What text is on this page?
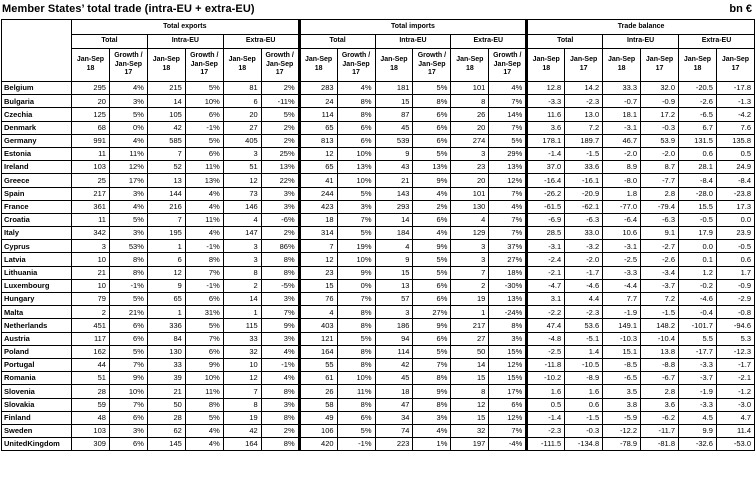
Member States’ total trade (intra-EU + extra-EU)	bn €
	Total exports						Total imports						Trade balance					
	Total		Intra-EU		Extra-EU		Total		Intra-EU		Extra-EU		Total		Intra-EU		Extra-EU	
	Jan-Sep 18	Growth / Jan-Sep 17	Jan-Sep 18	Growth / Jan-Sep 17	Jan-Sep 18	Growth / Jan-Sep 17	Jan-Sep 18	Growth / Jan-Sep 17	Jan-Sep 18	Growth / Jan-Sep 17	Jan-Sep 18	Growth / Jan-Sep 17	Jan-Sep 18	Jan-Sep 17	Jan-Sep 18	Jan-Sep 17	Jan-Sep 18	Jan-Sep 17
Belgium	295	4%	215	5%	81	2%	283	4%	181	5%	101	4%	12.8	14.2	33.3	32.0	-20.5	-17.8
Bulgaria	20	3%	14	10%	6	-11%	24	8%	15	8%	8	7%	-3.3	-2.3	-0.7	-0.9	-2.6	-1.3
Czechia	125	5%	105	6%	20	5%	114	8%	87	6%	26	14%	11.6	13.0	18.1	17.2	-6.5	-4.2
Denmark	68	0%	42	-1%	27	2%	65	6%	45	6%	20	7%	3.6	7.2	-3.1	-0.3	6.7	7.6
Germany	991	4%	585	5%	405	2%	813	6%	539	6%	274	5%	178.1	189.7	46.7	53.9	131.5	135.8
Estonia	11	11%	7	6%	3	25%	12	10%	9	5%	3	29%	-1.4	-1.5	-2.0	-2.0	0.6	0.5
Ireland	103	12%	52	11%	51	13%	65	13%	43	13%	23	13%	37.0	33.6	8.9	8.7	28.1	24.9
Greece	25	17%	13	13%	12	22%	41	10%	21	9%	20	12%	-16.4	-16.1	-8.0	-7.7	-8.4	-8.4
Spain	217	3%	144	4%	73	3%	244	5%	143	4%	101	7%	-26.2	-20.9	1.8	2.8	-28.0	-23.8
France	361	4%	216	4%	146	3%	423	3%	293	2%	130	4%	-61.5	-62.1	-77.0	-79.4	15.5	17.3
Croatia	11	5%	7	11%	4	-6%	18	7%	14	6%	4	7%	-6.9	-6.3	-6.4	-6.3	-0.5	0.0
Italy	342	3%	195	4%	147	2%	314	5%	184	4%	129	7%	28.5	33.0	10.6	9.1	17.9	23.9
Cyprus	3	53%	1	-1%	3	86%	7	19%	4	9%	3	37%	-3.1	-3.2	-3.1	-2.7	0.0	-0.5
Latvia	10	8%	6	8%	3	8%	12	10%	9	5%	3	27%	-2.4	-2.0	-2.5	-2.6	0.1	0.6
Lithuania	21	8%	12	7%	8	8%	23	9%	15	5%	7	18%	-2.1	-1.7	-3.3	-3.4	1.2	1.7
Luxembourg	10	-1%	9	-1%	2	-5%	15	0%	13	6%	2	-30%	-4.7	-4.6	-4.4	-3.7	-0.2	-0.9
Hungary	79	5%	65	6%	14	3%	76	7%	57	6%	19	13%	3.1	4.4	7.7	7.2	-4.6	-2.9
Malta	2	21%	1	31%	1	7%	4	8%	3	27%	1	-24%	-2.2	-2.3	-1.9	-1.5	-0.4	-0.8
Netherlands	451	6%	336	5%	115	9%	403	8%	186	9%	217	8%	47.4	53.6	149.1	148.2	-101.7	-94.6
Austria	117	6%	84	7%	33	3%	121	5%	94	6%	27	3%	-4.8	-5.1	-10.3	-10.4	5.5	5.3
Poland	162	5%	130	6%	32	4%	164	8%	114	5%	50	15%	-2.5	1.4	15.1	13.8	-17.7	-12.3
Portugal	44	7%	33	9%	10	-1%	55	8%	42	7%	14	12%	-11.8	-10.5	-8.5	-8.8	-3.3	-1.7
Romania	51	9%	39	10%	12	4%	61	10%	45	8%	15	15%	-10.2	-8.9	-6.5	-6.7	-3.7	-2.1
Slovenia	28	10%	21	11%	7	8%	26	11%	18	9%	8	17%	1.6	1.6	3.5	2.8	-1.9	-1.2
Slovakia	59	7%	50	8%	8	3%	58	8%	47	8%	12	6%	0.5	0.6	3.8	3.6	-3.3	-3.0
Finland	48	6%	28	5%	19	8%	49	6%	34	3%	15	12%	-1.4	-1.5	-5.9	-6.2	4.5	4.7
Sweden	103	3%	62	4%	42	2%	106	5%	74	4%	32	7%	-2.3	-0.3	-12.2	-11.7	9.9	11.4
UnitedKingdom	309	6%	145	4%	164	8%	420	-1%	223	1%	197	-4%	-111.5	-134.8	-78.9	-81.8	-32.6	-53.0
